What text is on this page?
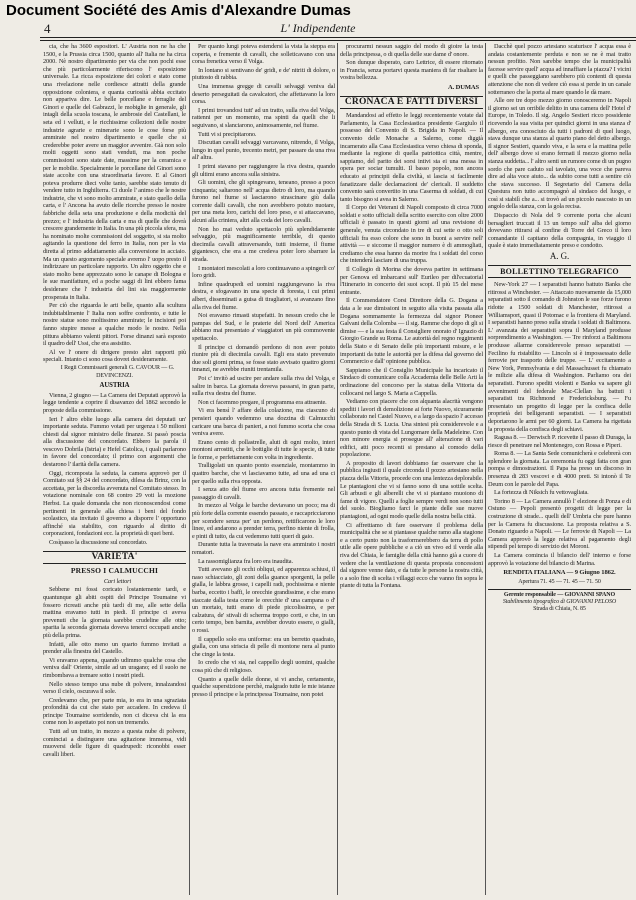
Document Société des Amis d'Alexandre Dumas
4	L' Indipendente

cia, che ha 3600 espositori. L' Austria non ne ha che 1500, e la Prussia circa 1500, quanto all' Italia ne ha circa 2000. Nè nostro dipartimento per via che non pochi esse che più particolarmente riferiscono l' esposizione universale. La ricca esposizione dei colori e stato come una rivelazione nelle cordiesce attratti della grande opposizione coloniera, e quanta curiosità abbia eccitato non appariva dire. Le belle porcellane e ferraglie del Ginori e quelle del Gabrazzi, le mobiglie in generale, gli intagli della scuola toscana, le ambrosie del Castellani, le seta ed i velluti, e le ricchissime collezioni delle nostre industrie agrarie e minerarie sono le cose forse più ammirate nel nostro dipartimento e quelle che si crederebbe poter avere un maggior avvenire. Già non solo molti oggetti sono stati venduti, ma non poche commissioni sono state date, massime per la ceramica e per le mobilie. Specialmente le porcellane del Ginori sono state accolte con una straordinaria favore. E al Ginori poteva produrre dieci volte tanto, sarebbe stato tenuto di vendere tutto in Inghilterra. Ci duole l' animo che le nostre industrie, che vi sono molto ammirate, e stato quello della carta, e l' Ancona ha avuto delle ricerche presso le nostre fabbriche della seta una produzione e della modicità del prezzo; e l' industria della carta e ma di quelle che dovrà crescere grandemente in Italia. In una più piccola sfera, ma ha nominato molte commissioni del soggetto, si sta molto agitando la questione del ferro in Italia, non per la via diretta al primo addattamento alla conversione in acciaio. Ma un questo argomento speciale avremo l' uopo presto il indirizzare un particolare rapporto. Un altro oggetto che e stato molto bene apprezzato sono le canape di Bologna e le sue manifatture, ed a poche saggi di lini ebbero fama desiderare che l' industria del lini sia maggiormente prosperata in Italia.

Per ciò che riguarda le arti belle, quanto alla scultura indubitabilmente l' Italia non soffre confronto, e tutte le nostre statue sono moltissimo ammirate; le incisioni poi fanno stupire messe a qualche modo le nostre. Nella pittura abbiamo valenti pittori. Forse dinanzi sarà esposto il quadro dell' Ussi, che era assistito.

Al ve l' onere di dirigere presto altri rapporti più speciali. Intanto ci sono cosa dovrei desideramente.

I Regii Commissarii generali G. CAVOUR — G. DEVINCENZI.

AUSTRIA

Vienna, 2 giugno — La Camera dei Deputati approvò la legge tendente a coprire il disavanzo del 1862 secondo le proposte della commissione.

Ieri l' altro eblie luogo alla camera dei deputati un' importante seduta. Fummo votati per urgenza i 50 milioni chiesti dal signor ministro delle finanze. Si passò poscia alla discussione del concordato. Ebbero la parola il vescovo Dobrila (Istria) e Hefel Catolica, i quali parlarono in favore del concordato; il primo con argomenti che destarono l' ilarità della camera.

Oggi, ricomposta la seduta, la camera approvò per il Comitato sui §§ 24 del concordato, dilesa da Brinz, con la accettata, per la discordia avvenuta nel Comitato stesso. In votazione nominale con 68 contro 29 voti la mozione Herbst. La quale domanda che non riconoscendosi come pertinenti in generale alla chiesa i beni del fondo scolastico, sia invitato il governo a disporre l' opportuno affinché sia stabilito, con riguardo al diritto di corporazioni, fondazioni ecc. la proprietà di quei beni.

Cosìpasso la discussione sul concordato.

VARIETA'
PRESSO I CALMUCCHI

Cari lettori

Sebbene mi fossi coricato lostantemente tardi, e quantunque gli abiti ospiti del Principe Toumaine vi fossero ricreati anche più tardi di me, alle sette della mattina eravamo tutti in piedi. Il principe ci aveva prevenuti che la giornata sarebbe crudeline alle otto; sparita la seconda giornata doveva tenerci occupati anche più della prima.

Infatti, alle otto meno un quarto fummo invitati a prender alla finestra del Castello.

Vi eravamo appena, quando udimmo qualche cosa che veniva dall' Oriente, simile ad un uragano; ed il suolo ne rimbombava a tremare sotto i nostri piedi.

Nello stesso tempo una nube di polvere, innalzandosi verso il cielo, oscurava il sole.

Credevamo che, per parte mia, io era in una sgraziata profondità da cui che stato per accadere. In credeva il principe Toumaine sorridendo, non ci diceva chi la era come non lo aspettato poi non un tremendo.

Tutti ad un tratto, in mezzo a questa nube di polvere, cominciai a distinguere una agitazione immensa, vidi muoversi delle figure di quadrupedi: riconobbi esser cavalli liberi.

Per quanto lungi poteva estendersi la vista la steppa era coperta, e fremente di cavalli, che solleticavano con una corsa frenetica verso il Volga.

In lontano si sentivano de' gridi, e de' nitriti di dolore, o piuttosto di rabbia.

Una immensa gregge di cavalli selvaggi veniva dal deserto perseguitati da cavalcatori, che affettavano la loro corsa.

I primi trovandosi tutt' ad un tratto, sulla riva del Volga, rattenni per un momento, ma spinti da quelli che li seguivano, si slanciarono, animosamente, nel fiume.

Tutti vi si precipitarono.

Discutian cavalli selvaggi varcavano, nitrendo, il Volga, lungo in quel punto, trecento metri, per passare da una riva all' altra.

I primi stavano per raggiungere la riva destra, quando gli ultimi erano ancora sulla sinistra.

Gli uomini, che gli spingevano, teneano, presso a poco cinquanta; saltarono nell' acqua dietro di loro, ma quando furono nel fiume si lasciarono strascinare giù dalla corrente dalli cavalli, che non avrebbero potuto nuotare, per una meta loro, carichi del loro peso, e si attaccavano, alcuni alla criniera, altri alla coda dei loro cavalli.

Non ho mai veduto spettacolo più splendidamente selvaggio, più magnificamente terribile, di questo diecimila cavalli attraversando, tutti insieme, il fiume gigantesco, che era a me credeva poter loro sbarrare la strada.

I montatori mescolati a loro continuavano a spingerli co' loro gridi.

Infine quadrupedi ed uomini raggiungevano la riva destra, e sfogavano in una specie di foresta, i cui primi alberi, disseminati a guisa di tiragliatori, si avanzano fino alla riva del fiume.

Noi eravamo rimasti stupefatti. In nessun credo che le pampas del Sud, e le praterie del Nord dell' America abbiano mai presentato a' viaggiatori un più commovente spettacolo.

Il principe ci domandò perdono di non aver potuto riunire più di diecimila cavalli. Egli era stato prevenuto due soli giorni prima, se fosse stato avvisato quattro giorni innanzi, ne avrebbe riuniti trentamila.

Poi c' invitò ad uscire per andare sulla riva del Volga, e salire in barca. La giornata doveva passarsi, in gran parte, sulla riva destra del fiume.

Non ci facemmo pregare, il programma era attraente.

Vi era bensì l' affare della colazione, ma ciascuno di pensieri quando vedemmo una dozzina di Calmucchi caricare una barca di panieri, a noi fummo scorta che cosa veniva avere.

Erano cento di pollastrelle, aluti di ogni molto, interi montoni arrostiti, che le bottiglie di tutte le specie, di tutte le forme, e perfettamente con volta in ingrediente.

Tralligolati un quanto ponto essenziale, montammo in quattro barche, che vi lasciavamo tutte, ad una ad una ci per quello sulla riva opposta.

I senza atto del fiume ero ancora tutta fremente nel passaggio di cavalli.

In mezzo al Volga le barche deviavano un poco; ma di più forte della corrente essendo passato, e raccapricciarono per scendere senza per' un perdono, rettificarono le loro linee, ed andarono a prender terra, perfino niente di frolla, e pinti di tutto, da cui vedemmo tutti queri di gaio.

Durante tutta la traversata la nave era ammirato i nostri rematori.

La rassomiglianza fra loro era inaudita.

Tutti avevano gli occhi obliqui, ed apparenza schiusi, il naso schiacciato, gli zoni della guance sporgenti, la pelle gialla, le labbra grosse, i capelli radi, pochissima e niente barba, eccetto i baffi, le orecchie grandissime, e che erano staccate dalla testa come le orecchie d' una campana o d' un mortaio, tutti erano di piede piccolissimo, e per calzatura, de' stivali di scherma troppo corti, e che, in un certo tempo, ben barnita, avrebber dovuto essere, o gialli, o rossi.

Il cappello solo era uniforme: era un berretto quadrato, gialla, con una striscia di pelle di montone nera al punto che cinge la testa.

Io credo che vi sia, nel cappello degli uomini, qualche cosa più che di religioso.

Quanto a quelle delle donne, si vi anche, certamente, qualche superstizione perchè, malgrado tutte le mie istanze presso il principe e la principessa Toumaine, non potei

procurarmi nessun saggio del modo di gioire la testa della principessa, o di quella delle sue dame d' onore.

Son dunque disperato, caro Lettrice, di essere ritornato in Francia, senza portarvi questa maniera di far risaltare la vostra bellezza.

A. DUMAS
CRONACA E FATTI DIVERSI

Mandandosi ad effetto le leggi recentemente votate dal Parlamento, la Casa Ecclesiastica presidente Gargiulo il possesso del Convento di S. Brigida in Napoli. — Il convento delle Monache a Salerno, come diggià incamerato alla Casa Ecclesiastica verso chiesa di sponda, mediante la regione di quella patriottica città, mentre, sappiamo, del parito dei sorsi intivi sta ei una messa in opera per sociar tumulti. Il basso popolo, non ancora educato ai principii della civiltà, si lascia si facilmente fanatizzare dalle declamazioni de' clericali. Il suddetto convento sarà convertito in una Caserma di soldati, di cui tanto bisogno si avea in Salerno.

Il Corpo dei Veterani di Napoli composto di circa 7000 soldati e sotto ufficiali della scritto esercito con oltre 2000 ufficiali è passato in questi giorni ad una revisione di generale, venuta circondato in tre di cui sette o otto soli ufficiali fra esso colore che sono in buoni a servire nell' attività — e siccome il maggior numero è di ammogliati, crediamo che essa hanno da morire fra i soldati del corso che intenderà lasciare di una truppa.

Il Collegio di Morina che doveva partire in settimana per Genova ed imbarcarsi sull' Eurileo per dil'ecuatorial l'Itinerario in concerto dei suoi scopi. Il più 15 del mese entrante.

Il Commendatore Corsi Direttore della G. Dogana a data a le sue dimissioni in seguito alla visita passata alla Dogana sommamente la fermezza dal signor Pioneer Galvani della Colomba — il sig. Ramme che dopo di gli si dimise — e la sua festa il Consigliere onorato d' Ignazio di Giorgio Grande su Roma. Le autorità del regno reggimenti della Stato e di Senato delle più importanti misure, e le importanti da tutte le autorità per la difesa dal governo del Commercio e dall' opinione pubblica.

Sappiamo che il Consiglio Municipale ha incaricato il Sindaco di comunicare colla Accademia delle Belle Arti la ordinazione del concorso per la statua della Vittoria da collocarsi nel largo S. Maria a Cappella.

Vediamo con piacere che con alquanta alacrità vengono spediti i lavori di demolizione ai forte Nuovo, sicuramente collaborato nel Castel Nuovo, e a largo da spazio l' accesso della Strada di S. Lucia. Una sintesi più considerevole e a questo punto di vista del Lungomare della Madeleine. Con non minore energia si prosegue all' alterazione di vari edifici, atti poco recenti si prestano al comodo della popolazione.

A proposito di lavori dobbiamo far osservare che la pubblica ingiusti il quale circonda il pozzo artesiano nella piazza della Vittoria, procede con una lentezza deplorabile. Le piantagioni che vi si fanno sono di una sottile scelta. Gli arbusti e gli alberelli che vi si piantano muoiono di fame di vigore. Quelli a foglie sempre verdi non sono tutti del suolo. Biogliamo farci le piante delle sue nuove piantagioni, ad ogni modo quelle della nostra bella città.

Ci affrettiamo di fare osservare il problema della municipalità che se si piantasse qualche ramo alla stagione e a certo punto non la trasformerebbero da terra di pollo utile alle opere pubbliche e a ciò un vivo ed il verde alla riva del Chiaia, le famiglie della città hanno già a cuore di vedere che la ventilazione di questa proposta concessioni dal signore venne dato, e da tutte le persone la nostra città, o a solo fine di scelta i villaggi ecco che vanno fin sopra le piante di tutta la Fontana.

Dacchè quel pozzo artesiano scaturisce l' acqua essa è andata costantemente perduta e non se ne è mai tratto nessun profitto. Non sarebbe tempo che la municipalità facesse servire quell' acqua ad innaffiare la piazza? I vicini e quelli che passeggiano sarebbero più contenti di questa attenzione che non di vedere ciò essa si perde in un canale sotterraneo che la porta al mare quando le dà mare.

Alle ore tre dopo mezzo giorno conosceremo in Napoli il giorno sei un orribile delitto in una camera dell' Hotel d' Europe, in Toledo. Il sig. Angelo Sestieri ricco possidente ricevendo la sua visita per quindici giorni in una stanza d' albergo, era conosciuto da tutti i padroni di quel luogo, stava dunque una stanza al quarto piano del detto albergo. Il signor Sestieri, quando viva, e la sera e la mattina pelle dell' albergo dove si erano fermati il mezzo giorno nella stanza suddetta... l' altro senti un rumore come di un pugno sordo che pare caduto sul tavolato, una voce che pareva dire ad alta voce aiuto... da subito corse tutti a sentire ciò che stava successo. Il Segretario del Camera della Questura non tutto accompagnò al sindaco del luogo, e così si stabilì che a... si trovò ad un piccolo nascosto in un angolo della stanza, con la gola recisa.

Dispaccio di Nola del 9 corrente porta che alcuni bersaglieri truccati il 13 un tempo sull' alba del giorno dovevano ritirarsi al confine di Torre del Greco il loro comandante il capitano della compagnia, in viaggio il quale è stato immediatamente preso e condotto.

A. G.
BOLLETTINO TELEGRAFICO

New-York 27 — I separatisti hanno battuto Banks che ritirossi a Winchester. — Attaccato nuovamente da 15,000 separatisti sotto il comando di Johnston le sue forze furono ridotte a 1500 soldati di Manchester, ritirossi a Williamsport, quasi il Potomac e la frontiera di Maryland. I separatisti hanno preso sulla strada i soldati di Baltimora. L' avanzata dei separatisti sopra il Maryland produsse sorprendimento a Washington. — Tre rinforzi a Baltimora produsse allarme considerevole presso separatisti — Fecilino fu ristabilito — Lincoln si è impossessato delle ferrovie per trasporto delle truppe. — L' eccitamento a New York, Pennsylvania e del Massachusset fu chiamato le milizie alla difesa di Washington. Parliamo ora dei separatisti. Furono spediti violenti e Banks va sapere gli avvenimenti del federale Mac-Clellan ha battuti i separatisti tra Richmond e Fredericksburg. — Fu presentato un progetto di legge per la confisca delle proprietà dei belligeranti separatisti. — I separatisti deportarono le armi per 60 giorni. La Camera ha rigettata la proposta della confisca degli schiavi.

Ragusa 8. — Derwisch P. ricevette il passo di Duraga, la riesce di penetrare nel Montenegro, con Rossa e Piperi.

Roma 8. — La Santa Sede comunicherà e celebrerà con splendore la giornata. La ceremonia fu oggi fatta con gran pompa e dimostrazioni. Il Papa ha preso un discorso in presenza di 283 vescovi e di 4000 preti. Si intonò il Te Deum con le parole del Papa.

La fortezza di Niksich fu vettovagliata.

Torino 8 — La Camera annullò l' elezione di Ponza e di Ostuno — Pepoli presentò progetti di legge per la costruzione di strade... quelli dell' Umbria che pure hanno per la Camera fu discussione. La proposta relativa a S. Donato riguardo a Napoli. — Le ferrovie di Napoli — La Camera approvò la legge relativa al pagamento degli stipendi pel tempo di servizio dei Moroni.

La Camera comincia il bilancio dell' interno e forse approvò la votazione del bilancio di Marina.

RENDITA ITALIANA — 9 Giugno 1862.
Apertura 71. 45 — 71. 45 — 71. 50
Gerente responsabile — GIOVANNI SPANO
Stabilimento tipografico di GIOVANNI PELOSO
Strada di Chiaia, N. 85
